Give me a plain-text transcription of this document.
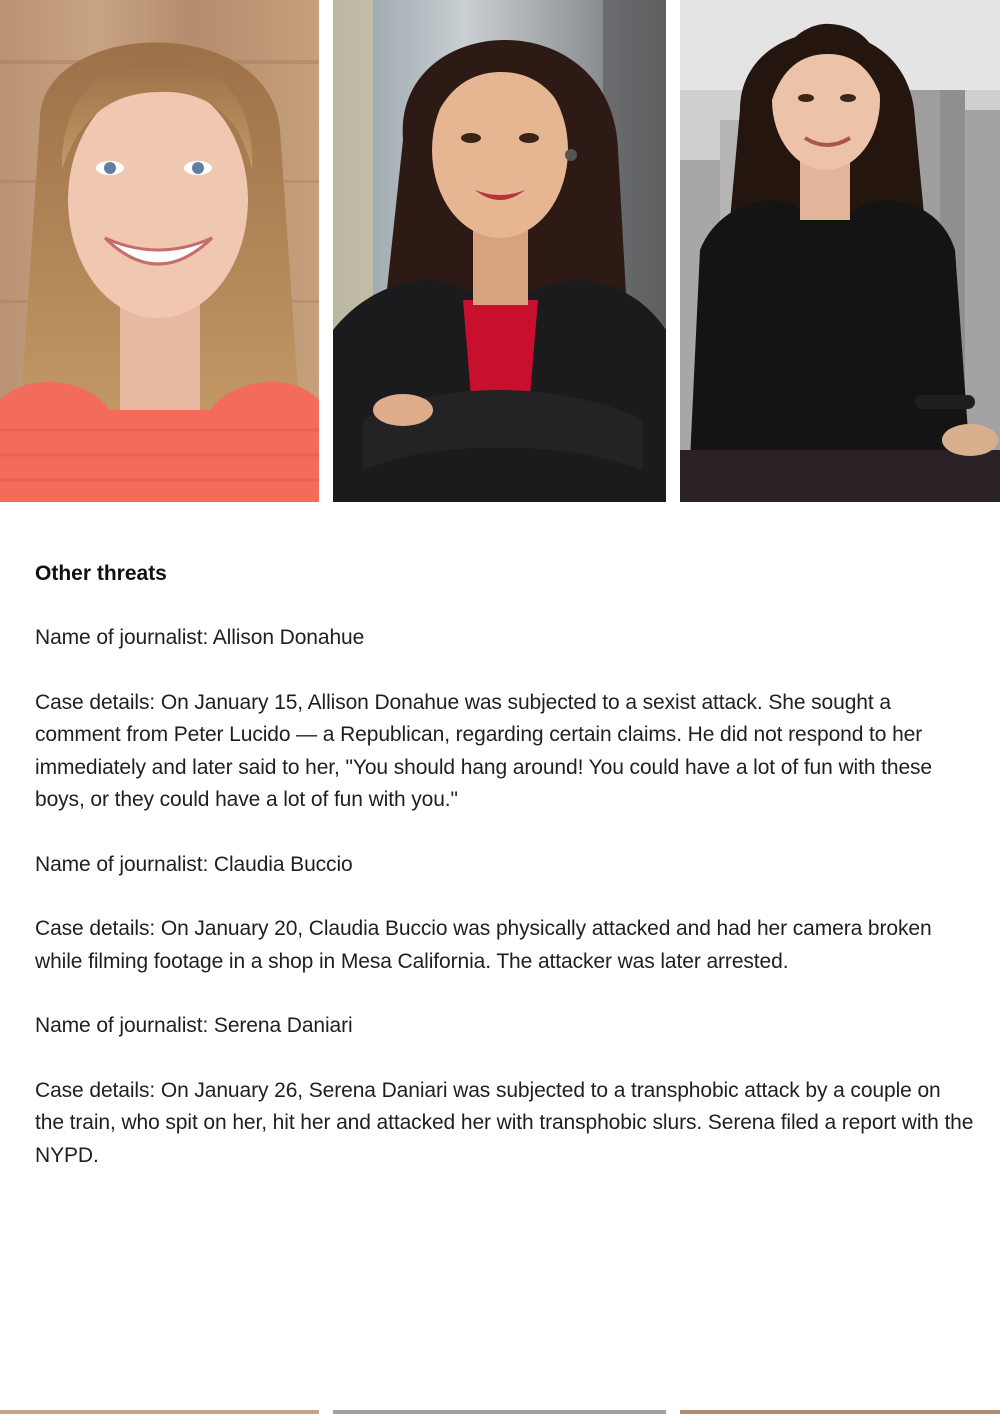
Other threats

Name of journalist: Allison Donahue

Case details: On January 15, Allison Donahue was subjected to a sexist attack. She sought a comment from Peter Lucido — a Republican, regarding certain claims. He did not respond to her immediately and later said to her, "You should hang around! You could have a lot of fun with these boys, or they could have a lot of fun with you."

Name of journalist: Claudia Buccio

Case details: On January 20, Claudia Buccio was physically attacked and had her camera broken while filming footage in a shop in Mesa California. The attacker was later arrested.

Name of journalist: Serena Daniari

Case details: On January 26, Serena Daniari was subjected to a transphobic attack by a couple on the train, who spit on her, hit her and attacked her with transphobic slurs. Serena filed a report with the NYPD.
